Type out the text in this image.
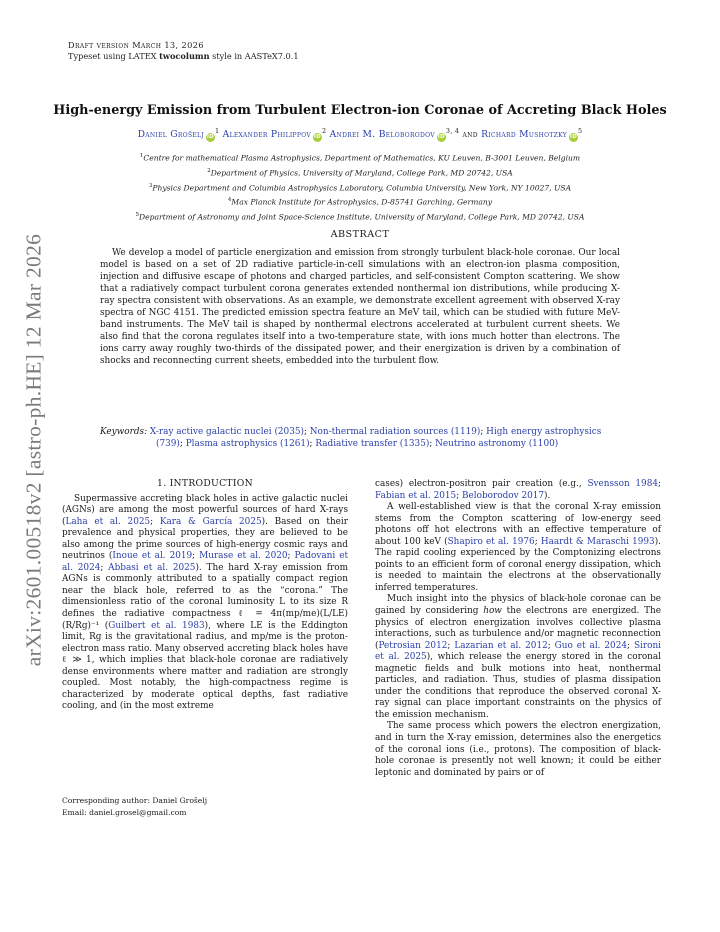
arXiv:2601.00518v2 [astro-ph.HE] 12 Mar 2026
Draft version March 13, 2026
Typeset using LATEX twocolumn style in AASTeX7.0.1
High-energy Emission from Turbulent Electron-ion Coronae of Accreting Black Holes
Daniel Grošelj $iD^1$ Alexander Philippov $iD^2$ Andrei M. Beloborodov iD$^{3, 4}$ and Richard Mushotzky $iD^5$
$^1$Centre for mathematical Plasma Astrophysics, Department of Mathematics, KU Leuven, B-3001 Leuven, Belgium
$^2$Department of Physics, University of Maryland, College Park, MD 20742, USA
$^3$Physics Department and Columbia Astrophysics Laboratory, Columbia University, New York, NY 10027, USA
$^4$Max Planck Institute for Astrophysics, D-85741 Garching, Germany
$^5$Department of Astronomy and Joint Space-Science Institute, University of Maryland, College Park, MD 20742, USA
ABSTRACT

We develop a model of particle energization and emission from strongly turbulent black-hole coronae. Our local model is based on a set of 2D radiative particle-in-cell simulations with an electron-ion plasma composition, injection and diffusive escape of photons and charged particles, and self-consistent Compton scattering. We show that a radiatively compact turbulent corona generates extended nonthermal ion distributions, while producing X-ray spectra consistent with observations. As an example, we demonstrate excellent agreement with observed X-ray spectra of NGC 4151. The predicted emission spectra feature an MeV tail, which can be studied with future MeV-band instruments. The MeV tail is shaped by nonthermal electrons accelerated at turbulent current sheets. We also find that the corona regulates itself into a two-temperature state, with ions much hotter than electrons. The ions carry away roughly two-thirds of the dissipated power, and their energization is driven by a combination of shocks and reconnecting current sheets, embedded into the turbulent flow.

Keywords: X-ray active galactic nuclei (2035); Non-thermal radiation sources (1119); High energy astrophysics (739); Plasma astrophysics (1261); Radiative transfer (1335); Neutrino astronomy (1100)
1. INTRODUCTION

Supermassive accreting black holes in active galactic nuclei (AGNs) are among the most powerful sources of hard X-rays (Laha et al. 2025; Kara & García 2025). Based on their prevalence and physical properties, they are believed to be also among the prime sources of high-energy cosmic rays and neutrinos (Inoue et al. 2019; Murase et al. 2020; Padovani et al. 2024; Abbasi et al. 2025). The hard X-ray emission from AGNs is commonly attributed to a spatially compact region near the black hole, referred to as the “corona.” The dimensionless ratio of the coronal luminosity L to its size R defines the radiative compactness ℓ = 4π(mp/me)(L/LE)(R/Rg)⁻¹ (Guilbert et al. 1983), where LE is the Eddington limit, Rg is the gravitational radius, and mp/me is the proton-electron mass ratio. Many observed accreting black holes have ℓ ≫ 1, which implies that black-hole coronae are radiatively dense environments where matter and radiation are strongly coupled. Most notably, the high-compactness regime is characterized by moderate optical depths, fast radiative cooling, and (in the most extreme

Corresponding author: Daniel Grošelj
Email: daniel.grosel@gmail.com

cases) electron-positron pair creation (e.g., Svensson 1984; Fabian et al. 2015; Beloborodov 2017).

A well-established view is that the coronal X-ray emission stems from the Compton scattering of low-energy seed photons off hot electrons with an effective temperature of about 100 keV (Shapiro et al. 1976; Haardt & Maraschi 1993). The rapid cooling experienced by the Comptonizing electrons points to an efficient form of coronal energy dissipation, which is needed to maintain the electrons at the observationally inferred temperatures.

Much insight into the physics of black-hole coronae can be gained by considering how the electrons are energized. The physics of electron energization involves collective plasma interactions, such as turbulence and/or magnetic reconnection (Petrosian 2012; Lazarian et al. 2012; Guo et al. 2024; Sironi et al. 2025), which release the energy stored in the coronal magnetic fields and bulk motions into heat, nonthermal particles, and radiation. Thus, studies of plasma dissipation under the conditions that reproduce the observed coronal X-ray signal can place important constraints on the physics of the emission mechanism.

The same process which powers the electron energization, and in turn the X-ray emission, determines also the energetics of the coronal ions (i.e., protons). The composition of black-hole coronae is presently not well known; it could be either leptonic and dominated by pairs or of
